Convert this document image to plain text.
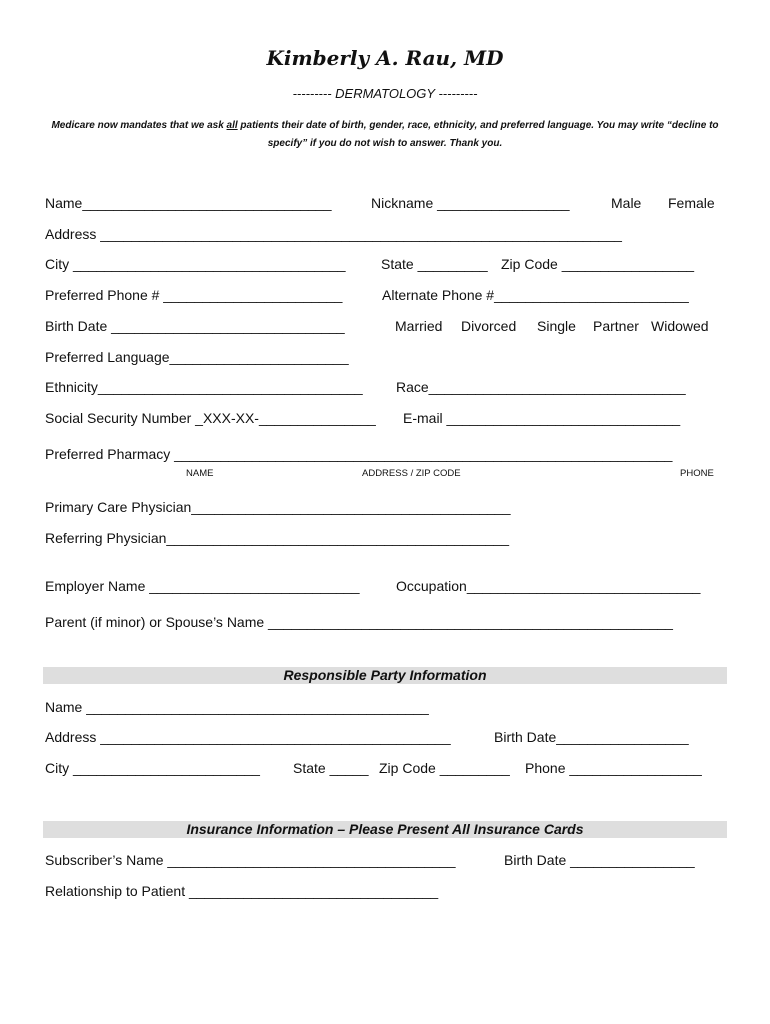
Kimberly A. Rau, MD
--------- DERMATOLOGY ---------
Medicare now mandates that we ask all patients their date of birth, gender, race, ethnicity, and preferred language. You may write “decline to specify” if you do not wish to answer. Thank you.
Name________________________________	Nickname _________________	Male Female
Address ___________________________________________________________________
City ___________________________________	State _________ Zip Code _________________
Preferred Phone # _______________________	Alternate Phone #_________________________
Birth Date ______________________________	Married Divorced Single Partner Widowed
Preferred Language_______________________
Ethnicity__________________________________ Race_________________________________
Social Security Number _XXX-XX-_______________ E-mail ______________________________
Preferred Pharmacy ________________________________________________________________
NAME	ADDRESS / ZIP CODE	PHONE
Primary Care Physician_________________________________________
Referring Physician____________________________________________
Employer Name ___________________________	Occupation______________________________
Parent (if minor) or Spouse’s Name ____________________________________________________
Responsible Party Information
Name ____________________________________________
Address _____________________________________________	Birth Date_________________
City ________________________ State _____ Zip Code _________ Phone _________________
Insurance Information – Please Present All Insurance Cards
Subscriber’s Name _____________________________________	Birth Date ________________
Relationship to Patient ________________________________
